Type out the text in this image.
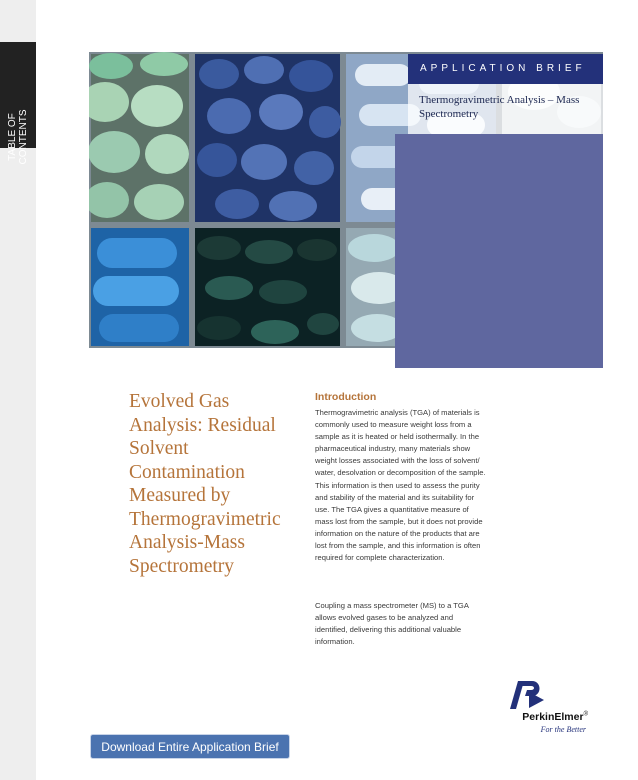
TABLE OF CONTENTS
APPLICATION BRIEF
Thermogravimetric Analysis – Mass Spectrometry
Evolved Gas Analysis: Residual Solvent Contamination Measured by Thermogravimetric Analysis-Mass Spectrometry
Introduction

Thermogravimetric analysis (TGA) of materials is commonly used to measure weight loss from a sample as it is heated or held isothermally. In the pharmaceutical industry, many materials show weight losses associated with the loss of solvent/ water, desolvation or decomposition of the sample. This information is then used to assess the purity and stability of the material and its suitability for use. The TGA gives a quantitative measure of mass lost from the sample, but it does not provide information on the nature of the products that are lost from the sample, and this information is often required for complete characterization.

Coupling a mass spectrometer (MS) to a TGA allows evolved gases to be analyzed and identified, delivering this additional valuable information.

PerkinElmer®
For the Better
Download Entire Application Brief
